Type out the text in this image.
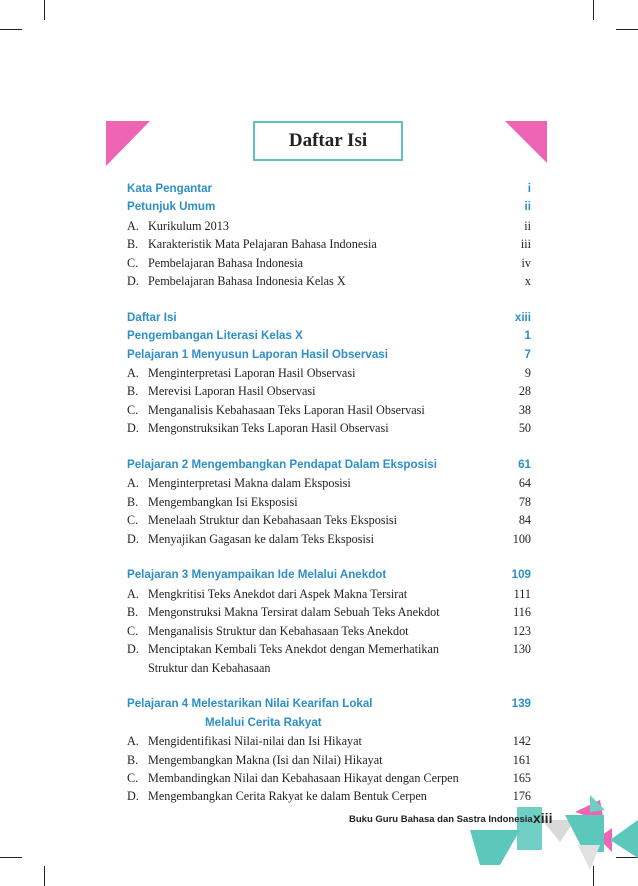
Daftar Isi
Kata Pengantar	i
Petunjuk Umum	ii
A. Kurikulum 2013	ii
B. Karakteristik Mata Pelajaran Bahasa Indonesia	iii
C. Pembelajaran Bahasa Indonesia	iv
D. Pembelajaran Bahasa Indonesia Kelas X	x
Daftar Isi	xiii
Pengembangan Literasi Kelas X	1
Pelajaran 1 Menyusun Laporan Hasil Observasi	7
A. Menginterpretasi Laporan Hasil Observasi	9
B. Merevisi Laporan Hasil Observasi	28
C. Menganalisis Kebahasaan Teks Laporan Hasil Observasi	38
D. Mengonstruksikan Teks Laporan Hasil Observasi	50
Pelajaran 2 Mengembangkan Pendapat Dalam Eksposisi	61
A. Menginterpretasi Makna dalam Eksposisi	64
B. Mengembangkan Isi Eksposisi	78
C. Menelaah Struktur dan Kebahasaan Teks Eksposisi	84
D. Menyajikan Gagasan ke dalam Teks Eksposisi	100
Pelajaran 3 Menyampaikan Ide Melalui Anekdot	109
A. Mengkritisi Teks Anekdot dari Aspek Makna Tersirat	111
B. Mengonstruksi Makna Tersirat dalam Sebuah Teks Anekdot	116
C. Menganalisis Struktur dan Kebahasaan Teks Anekdot	123
D. Menciptakan Kembali Teks Anekdot dengan Memerhatikan	130
Struktur dan Kebahasaan
Pelajaran 4 Melestarikan Nilai Kearifan Lokal	139
Melalui Cerita Rakyat
A. Mengidentifikasi Nilai-nilai dan Isi Hikayat	142
B. Mengembangkan Makna (Isi dan Nilai) Hikayat	161
C. Membandingkan Nilai dan Kebahasaan Hikayat dengan Cerpen	165
D. Mengembangkan Cerita Rakyat ke dalam Bentuk Cerpen	176
Buku Guru Bahasa dan Sastra Indonesia xiii
